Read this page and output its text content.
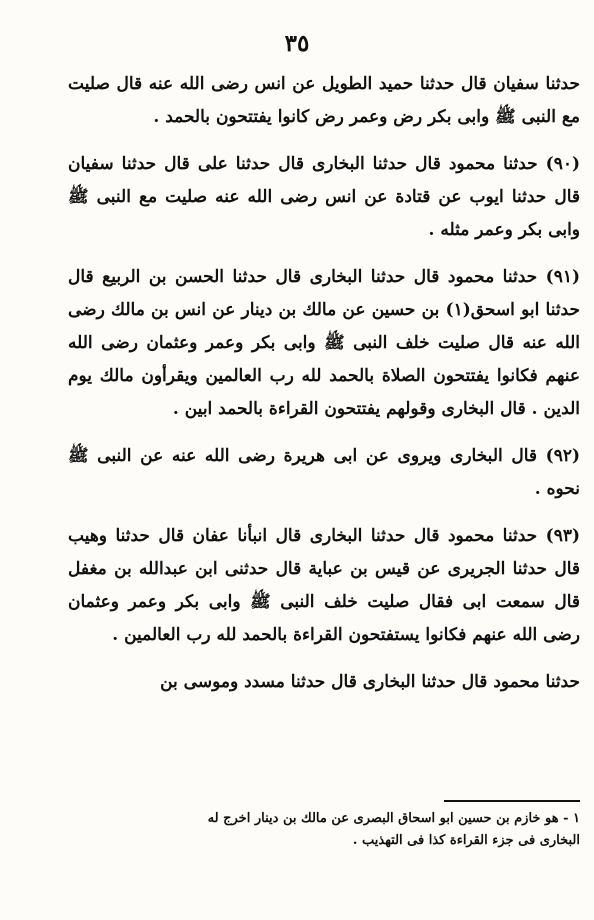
٣٥

حدثنا سفيان قال حدثنا حميد الطويل عن انس رضى الله عنه قال صليت مع النبى ﷺ وابى بكر رض وعمر رض كانوا يفتتحون بالحمد .

(٩٠) حدثنا محمود قال حدثنا البخارى قال حدثنا على قال حدثنا سفيان قال حدثنا ايوب عن قتادة عن انس رضى الله عنه صليت مع النبى ﷺ وابى بكر وعمر مثله .

(٩١) حدثنا محمود قال حدثنا البخارى قال حدثنا الحسن بن الربيع قال حدثنا ابو اسحق(١) بن حسين عن مالك بن دينار عن انس بن مالك رضى الله عنه قال صليت خلف النبى ﷺ وابى بكر وعمر وعثمان رضى الله عنهم فكانوا يفتتحون الصلاة بالحمد لله رب العالمين ويقرأون مالك يوم الدين . قال البخارى وقولهم يفتتحون القراءة بالحمد ابين .

(٩٢) قال البخارى ويروى عن ابى هريرة رضى الله عنه عن النبى ﷺ نحوه .

(٩٣) حدثنا محمود قال حدثنا البخارى قال انبأنا عفان قال حدثنا وهيب قال حدثنا الجريرى عن قيس بن عباية قال حدثنى ابن عبدالله بن مغفل قال سمعت ابى فقال صليت خلف النبى ﷺ وابى بكر وعمر وعثمان رضى الله عنهم فكانوا يستفتحون القراءة بالحمد لله رب العالمين .

حدثنا محمود قال حدثنا البخارى قال حدثنا مسدد وموسى بن

١ - هو خازم بن حسين ابو اسحاق البصرى عن مالك بن دينار اخرج له
البخارى فى جزء القراءة كذا فى التهذيب .
